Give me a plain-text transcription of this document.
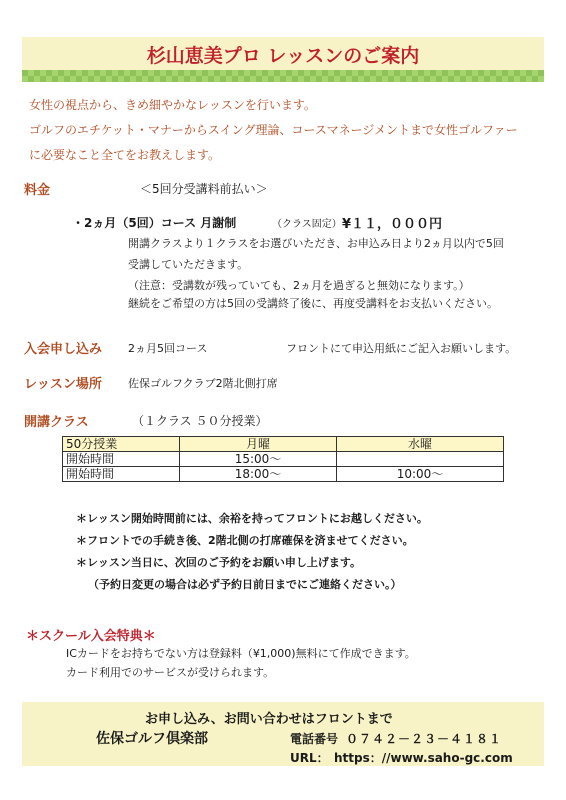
杉山恵美プロ レッスンのご案内
女性の視点から、きめ細やかなレッスンを行います。
ゴルフのエチケット・マナーからスイング理論、コースマネージメントまで女性ゴルファー
に必要なこと全てをお教えします。
料金	＜5回分受講料前払い＞
・2ヵ月（5回）コース 月謝制	（クラス固定） ¥１１，０００円
開講クラスより１クラスをお選びいただき、お申込み日より2ヵ月以内で5回
受講していただきます。
（注意：受講数が残っていても、2ヵ月を過ぎると無効になります。）
継続をご希望の方は5回の受講終了後に、再度受講料をお支払いください。
入会申し込み 2ヵ月5回コース	フロントにて申込用紙にご記入お願いします。
レッスン場所 佐保ゴルフクラブ2階北側打席
開講クラス	（１クラス ５０分授業）
50分授業	月曜	水曜
開始時間	15:00～	
開始時間	18:00～	10:00～
＊レッスン開始時間前には、余裕を持ってフロントにお越しください。
＊フロントでの手続き後、2階北側の打席確保を済ませてください。
＊レッスン当日に、次回のご予約をお願い申し上げます。
（予約日変更の場合は必ず予約日前日までにご連絡ください。）
＊スクール入会特典＊
ICカードをお持ちでない方は登録料（¥1,000)無料にて作成できます。
カード利用でのサービスが受けられます。
お申し込み、お問い合わせはフロントまで
佐保ゴルフ倶楽部	電話番号 ０７４２－２３－４１８１
URL： https：//www.saho-gc.com
